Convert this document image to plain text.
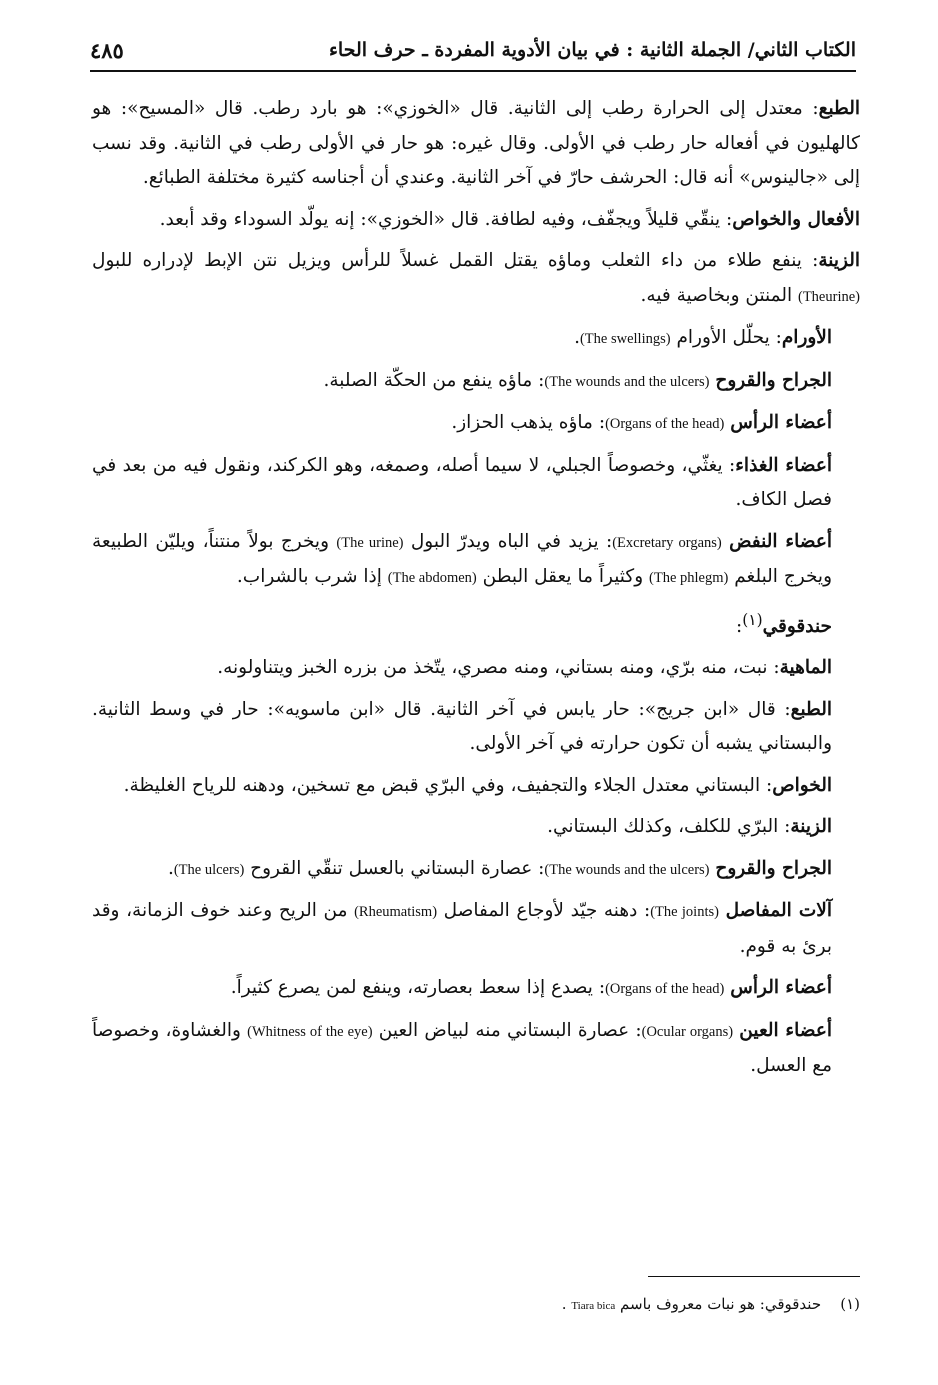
٤٨٥	الكتاب الثاني/ الجملة الثانية : في بيان الأدوية المفردة ـ حرف الحاء

الطبع: معتدل إلى الحرارة رطب إلى الثانية. قال «الخوزي»: هو بارد رطب. قال «المسيح»: هو كالهليون في أفعاله حار رطب في الأولى. وقال غيره: هو حار في الأولى رطب في الثانية. وقد نسب إلى «جالينوس» أنه قال: الحرشف حارّ في آخر الثانية. وعندي أن أجناسه كثيرة مختلفة الطبائع.

الأفعال والخواص: ينقّي قليلاً ويجفّف، وفيه لطافة. قال «الخوزي»: إنه يولّد السوداء وقد أبعد.

الزينة: ينفع طلاء من داء الثعلب وماؤه يقتل القمل غسلاً للرأس ويزيل نتن الإبط لإدراره للبول (Theurine) المنتن وبخاصية فيه.

الأورام: يحلّل الأورام (The swellings).

الجراح والقروح (The wounds and the ulcers): ماؤه ينفع من الحكّة الصلبة.

أعضاء الرأس (Organs of the head): ماؤه يذهب الحزاز.

أعضاء الغذاء: يغثّي، وخصوصاً الجبلي، لا سيما أصله، وصمغه، وهو الكركند، ونقول فيه من بعد في فصل الكاف.

أعضاء النفض (Excretary organs): يزيد في الباه ويدرّ البول (The urine) ويخرج بولاً منتناً، ويليّن الطبيعة ويخرج البلغم (The phlegm) وكثيراً ما يعقل البطن (The abdomen) إذا شرب بالشراب.

حندقوقي$^{(١)}$:

الماهية: نبت، منه برّي، ومنه بستاني، ومنه مصري، يتّخذ من بزره الخبز ويتناولونه.

الطبع: قال «ابن جريج»: حار يابس في آخر الثانية. قال «ابن ماسويه»: حار في وسط الثانية. والبستاني يشبه أن تكون حرارته في آخر الأولى.

الخواص: البستاني معتدل الجلاء والتجفيف، وفي البرّي قبض مع تسخين، ودهنه للرياح الغليظة.

الزينة: البرّي للكلف، وكذلك البستاني.

الجراح والقروح (The wounds and the ulcers): عصارة البستاني بالعسل تنقّي القروح (The ulcers).

آلات المفاصل (The joints): دهنه جيّد لأوجاع المفاصل (Rheumatism) من الريح وعند خوف الزمانة، وقد برئ به قوم.

أعضاء الرأس (Organs of the head): يصدع إذا سعط بعصارته، وينفع لمن يصرع كثيراً.

أعضاء العين (Ocular organs): عصارة البستاني منه لبياض العين (Whitness of the eye) والغشاوة، وخصوصاً مع العسل.

(١)    حندقوقي: هو نبات معروف باسم Tiara bica .
